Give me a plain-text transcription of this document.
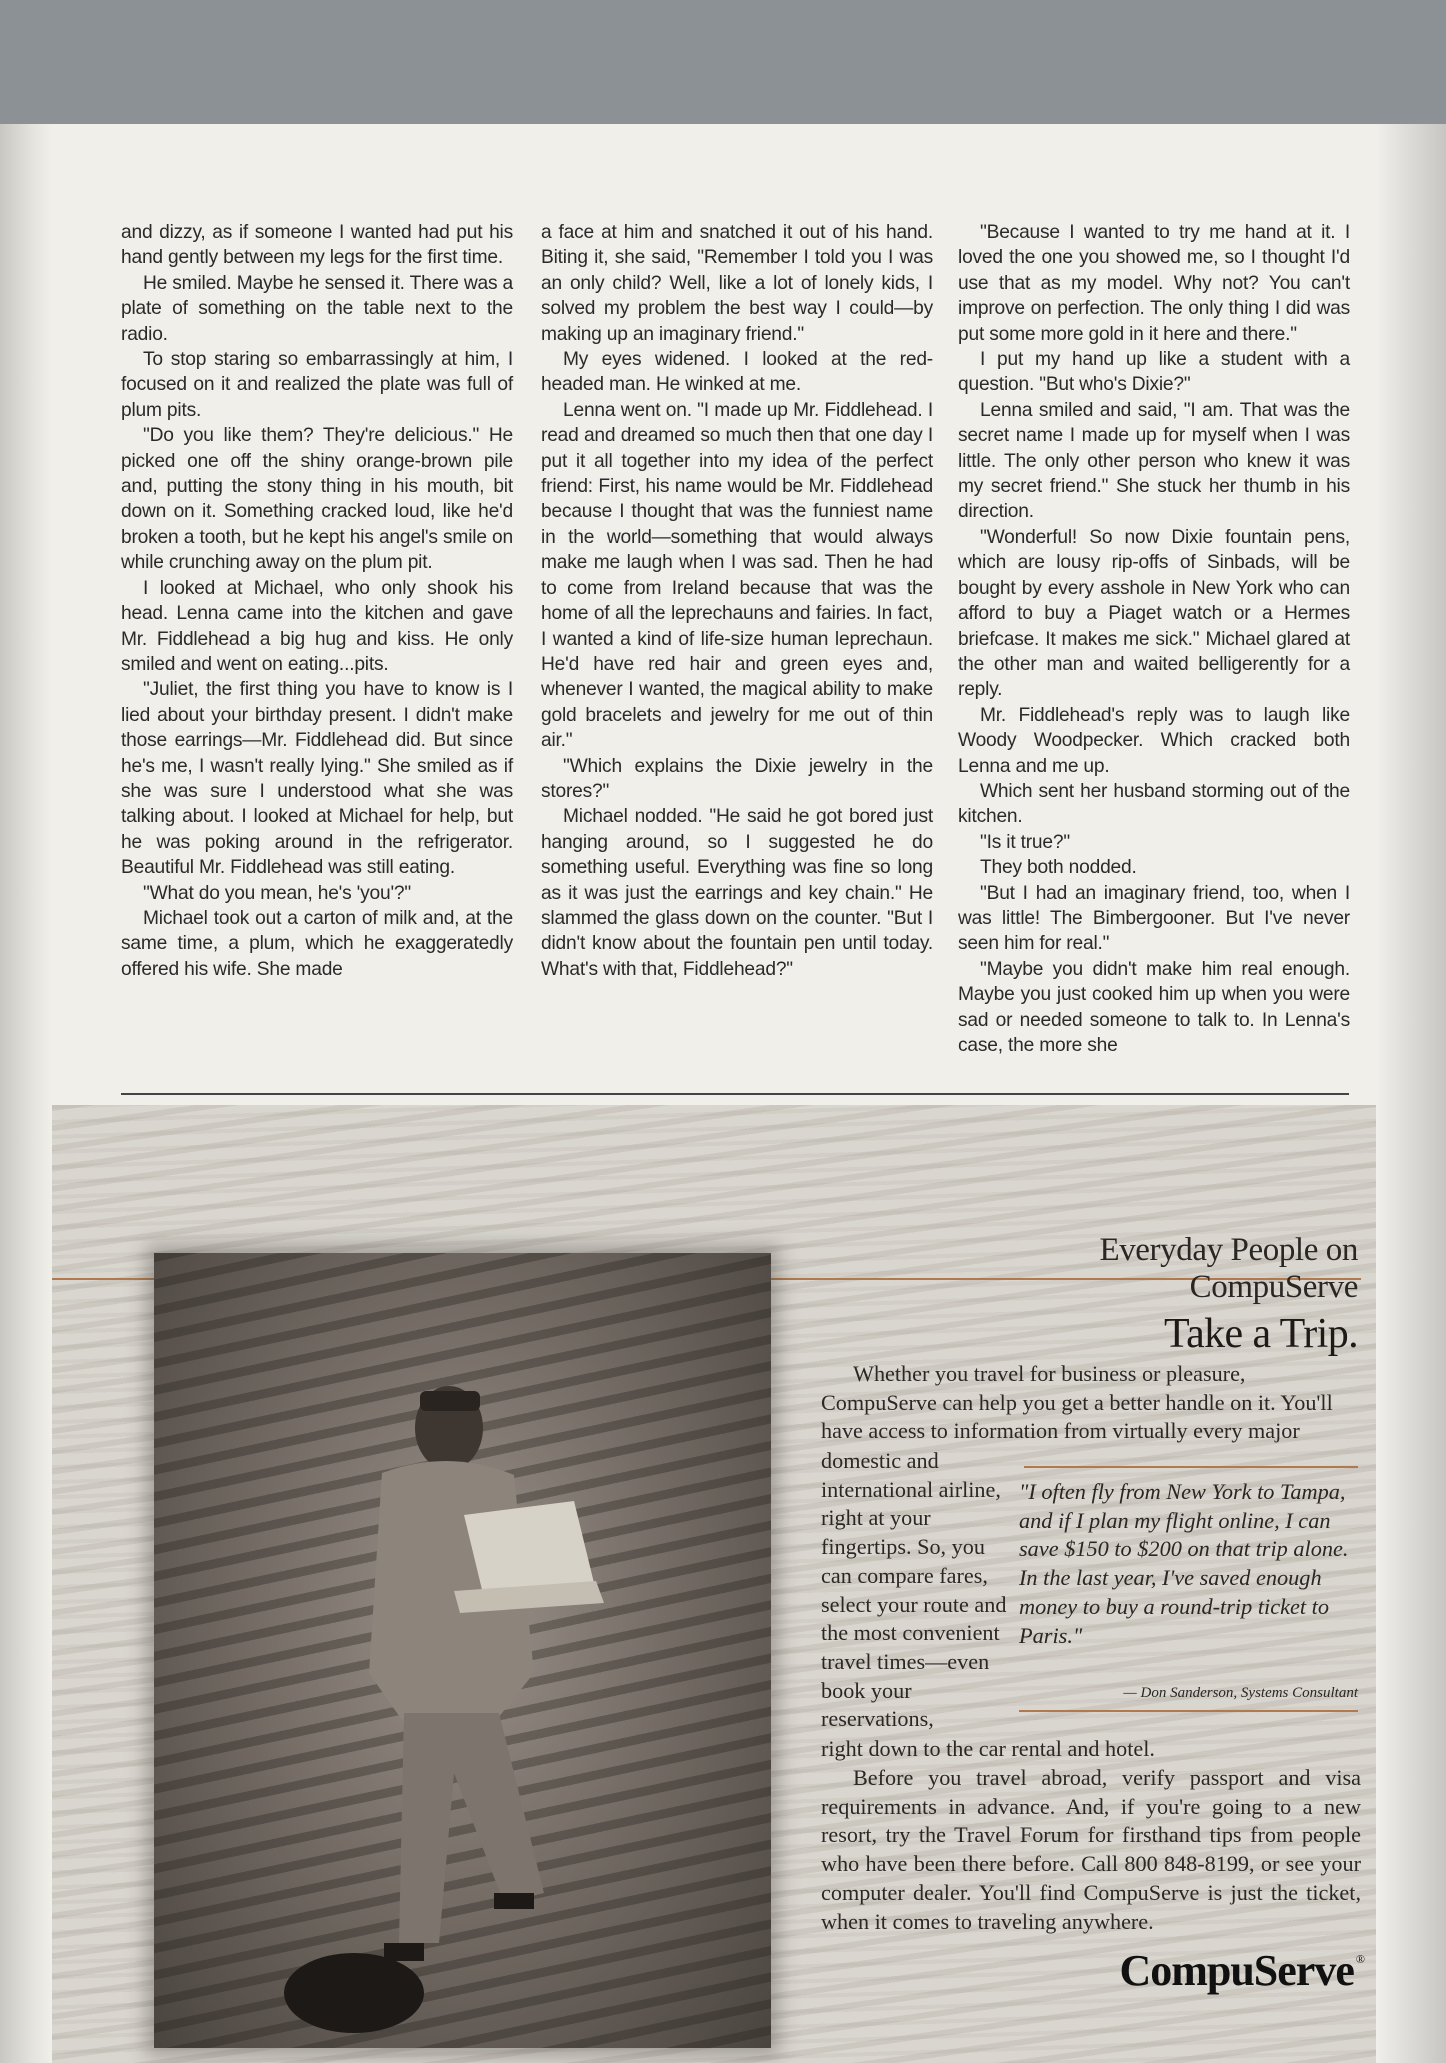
and dizzy, as if someone I wanted had put his hand gently between my legs for the first time.

He smiled. Maybe he sensed it. There was a plate of something on the table next to the radio.

To stop staring so embarrassingly at him, I focused on it and realized the plate was full of plum pits.

"Do you like them? They're delicious." He picked one off the shiny orange-brown pile and, putting the stony thing in his mouth, bit down on it. Something cracked loud, like he'd broken a tooth, but he kept his angel's smile on while crunching away on the plum pit.

I looked at Michael, who only shook his head. Lenna came into the kitchen and gave Mr. Fiddlehead a big hug and kiss. He only smiled and went on eating...pits.

"Juliet, the first thing you have to know is I lied about your birthday present. I didn't make those earrings—Mr. Fiddlehead did. But since he's me, I wasn't really lying." She smiled as if she was sure I understood what she was talking about. I looked at Michael for help, but he was poking around in the refrigerator. Beautiful Mr. Fiddlehead was still eating.

"What do you mean, he's 'you'?"

Michael took out a carton of milk and, at the same time, a plum, which he exaggeratedly offered his wife. She made

a face at him and snatched it out of his hand. Biting it, she said, "Remember I told you I was an only child? Well, like a lot of lonely kids, I solved my problem the best way I could—by making up an imaginary friend."

My eyes widened. I looked at the red-headed man. He winked at me.

Lenna went on. "I made up Mr. Fiddlehead. I read and dreamed so much then that one day I put it all together into my idea of the perfect friend: First, his name would be Mr. Fiddlehead because I thought that was the funniest name in the world—something that would always make me laugh when I was sad. Then he had to come from Ireland because that was the home of all the leprechauns and fairies. In fact, I wanted a kind of life-size human leprechaun. He'd have red hair and green eyes and, whenever I wanted, the magical ability to make gold bracelets and jewelry for me out of thin air."

"Which explains the Dixie jewelry in the stores?"

Michael nodded. "He said he got bored just hanging around, so I suggested he do something useful. Everything was fine so long as it was just the earrings and key chain." He slammed the glass down on the counter. "But I didn't know about the fountain pen until today. What's with that, Fiddlehead?"

"Because I wanted to try me hand at it. I loved the one you showed me, so I thought I'd use that as my model. Why not? You can't improve on perfection. The only thing I did was put some more gold in it here and there."

I put my hand up like a student with a question. "But who's Dixie?"

Lenna smiled and said, "I am. That was the secret name I made up for myself when I was little. The only other person who knew it was my secret friend." She stuck her thumb in his direction.

"Wonderful! So now Dixie fountain pens, which are lousy rip-offs of Sinbads, will be bought by every asshole in New York who can afford to buy a Piaget watch or a Hermes briefcase. It makes me sick." Michael glared at the other man and waited belligerently for a reply.

Mr. Fiddlehead's reply was to laugh like Woody Woodpecker. Which cracked both Lenna and me up.

Which sent her husband storming out of the kitchen.

"Is it true?"

They both nodded.

"But I had an imaginary friend, too, when I was little! The Bimbergooner. But I've never seen him for real."

"Maybe you didn't make him real enough. Maybe you just cooked him up when you were sad or needed someone to talk to. In Lenna's case, the more she

Everyday People on CompuServe
Take a Trip.

Whether you travel for business or pleasure, CompuServe can help you get a better handle on it. You'll have access to information from virtually every major

domestic and international airline, right at your fingertips. So, you can compare fares, select your route and the most convenient travel times—even book your reservations,

right down to the car rental and hotel.

Before you travel abroad, verify passport and visa requirements in advance. And, if you're going to a new resort, try the Travel Forum for firsthand tips from people who have been there before. Call 800 848-8199, or see your computer dealer. You'll find CompuServe is just the ticket, when it comes to traveling anywhere.

"I often fly from New York to Tampa, and if I plan my flight online, I can save $150 to $200 on that trip alone. In the last year, I've saved enough money to buy a round-trip ticket to Paris."
— Don Sanderson, Systems Consultant
CompuServe ®
